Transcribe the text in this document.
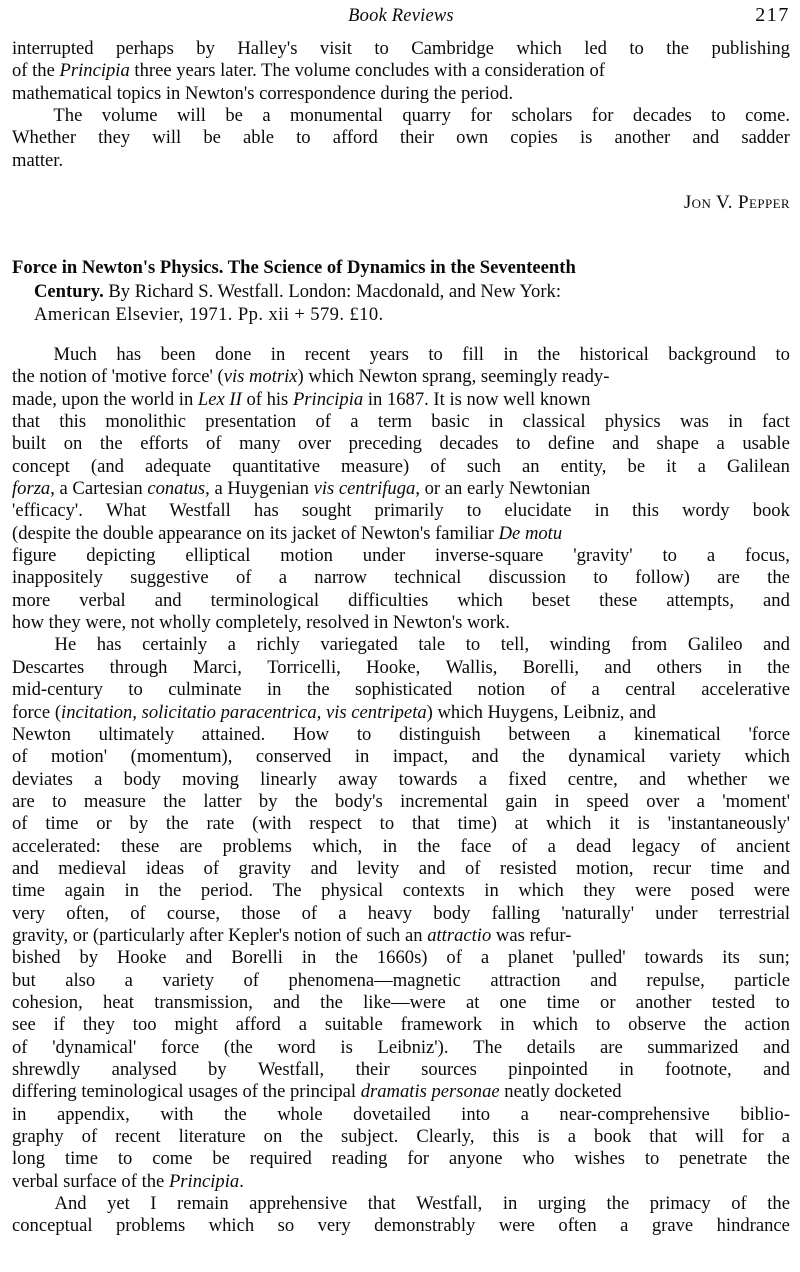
Book Reviews	217

interrupted perhaps by Halley's visit to Cambridge which led to the publishing
of the Principia three years later. The volume concludes with a consideration of
mathematical topics in Newton's correspondence during the period.

The volume will be a monumental quarry for scholars for decades to come.
Whether they will be able to afford their own copies is another and sadder
matter.

Jon V. Pepper
Force in Newton's Physics. The Science of Dynamics in the Seventeenth
Century. By Richard S. Westfall. London: Macdonald, and New York:
American Elsevier, 1971. Pp. xii + 579. £10.

Much has been done in recent years to fill in the historical background to
the notion of 'motive force' (vis motrix) which Newton sprang, seemingly ready-
made, upon the world in Lex II of his Principia in 1687. It is now well known
that this monolithic presentation of a term basic in classical physics was in fact
built on the efforts of many over preceding decades to define and shape a usable
concept (and adequate quantitative measure) of such an entity, be it a Galilean
forza, a Cartesian conatus, a Huygenian vis centrifuga, or an early Newtonian
'efficacy'. What Westfall has sought primarily to elucidate in this wordy book
(despite the double appearance on its jacket of Newton's familiar De motu
figure depicting elliptical motion under inverse-square 'gravity' to a focus,
inappositely suggestive of a narrow technical discussion to follow) are the
more verbal and terminological difficulties which beset these attempts, and
how they were, not wholly completely, resolved in Newton's work.

He has certainly a richly variegated tale to tell, winding from Galileo and
Descartes through Marci, Torricelli, Hooke, Wallis, Borelli, and others in the
mid-century to culminate in the sophisticated notion of a central accelerative
force (incitation, solicitatio paracentrica, vis centripeta) which Huygens, Leibniz, and
Newton ultimately attained. How to distinguish between a kinematical 'force
of motion' (momentum), conserved in impact, and the dynamical variety which
deviates a body moving linearly away towards a fixed centre, and whether we
are to measure the latter by the body's incremental gain in speed over a 'moment'
of time or by the rate (with respect to that time) at which it is 'instantaneously'
accelerated: these are problems which, in the face of a dead legacy of ancient
and medieval ideas of gravity and levity and of resisted motion, recur time and
time again in the period. The physical contexts in which they were posed were
very often, of course, those of a heavy body falling 'naturally' under terrestrial
gravity, or (particularly after Kepler's notion of such an attractio was refur-
bished by Hooke and Borelli in the 1660s) of a planet 'pulled' towards its sun;
but also a variety of phenomena—magnetic attraction and repulse, particle
cohesion, heat transmission, and the like—were at one time or another tested to
see if they too might afford a suitable framework in which to observe the action
of 'dynamical' force (the word is Leibniz'). The details are summarized and
shrewdly analysed by Westfall, their sources pinpointed in footnote, and
differing teminological usages of the principal dramatis personae neatly docketed
in appendix, with the whole dovetailed into a near-comprehensive biblio-
graphy of recent literature on the subject. Clearly, this is a book that will for a
long time to come be required reading for anyone who wishes to penetrate the
verbal surface of the Principia.

And yet I remain apprehensive that Westfall, in urging the primacy of the
conceptual problems which so very demonstrably were often a grave hindrance
